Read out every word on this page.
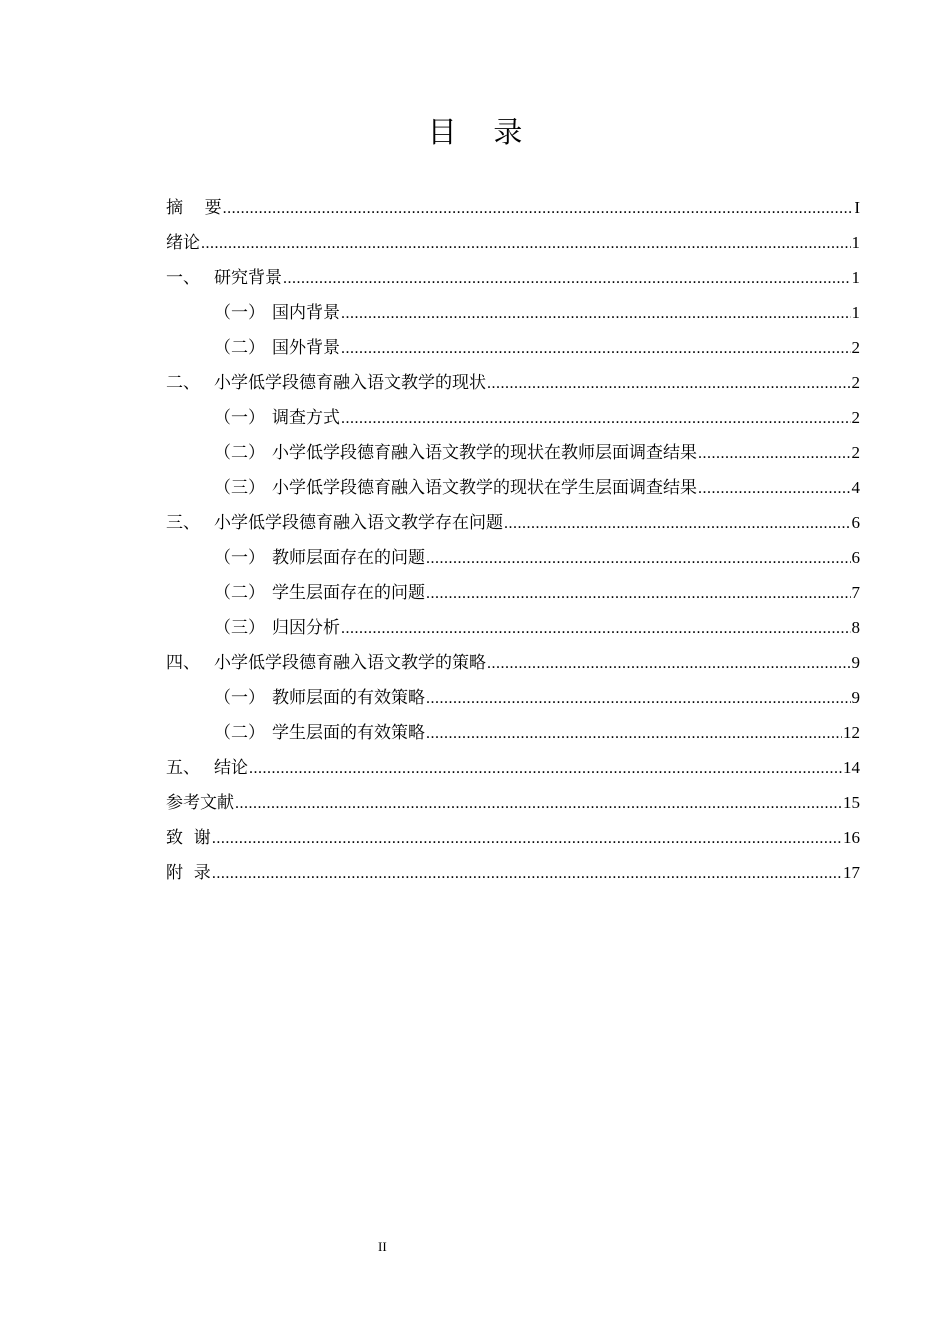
目    录
摘    要 .....	I
绪论 .....	1
一、 研究背景 .....	1
（一） 国内背景 .....	1
（二） 国外背景 .....	2
二、 小学低学段德育融入语文教学的现状 .....	2
（一） 调查方式 .....	2
（二） 小学低学段德育融入语文教学的现状在教师层面调查结果 .....	2
（三） 小学低学段德育融入语文教学的现状在学生层面调查结果 .....	4
三、 小学低学段德育融入语文教学存在问题 .....	6
（一） 教师层面存在的问题 .....	6
（二） 学生层面存在的问题 .....	7
（三） 归因分析 .....	8
四、 小学低学段德育融入语文教学的策略 .....	9
（一） 教师层面的有效策略 .....	9
（二） 学生层面的有效策略 .....	12
五、 结论 .....	14
参考文献 .....	15
致  谢 .....	16
附  录 .....	17
II
